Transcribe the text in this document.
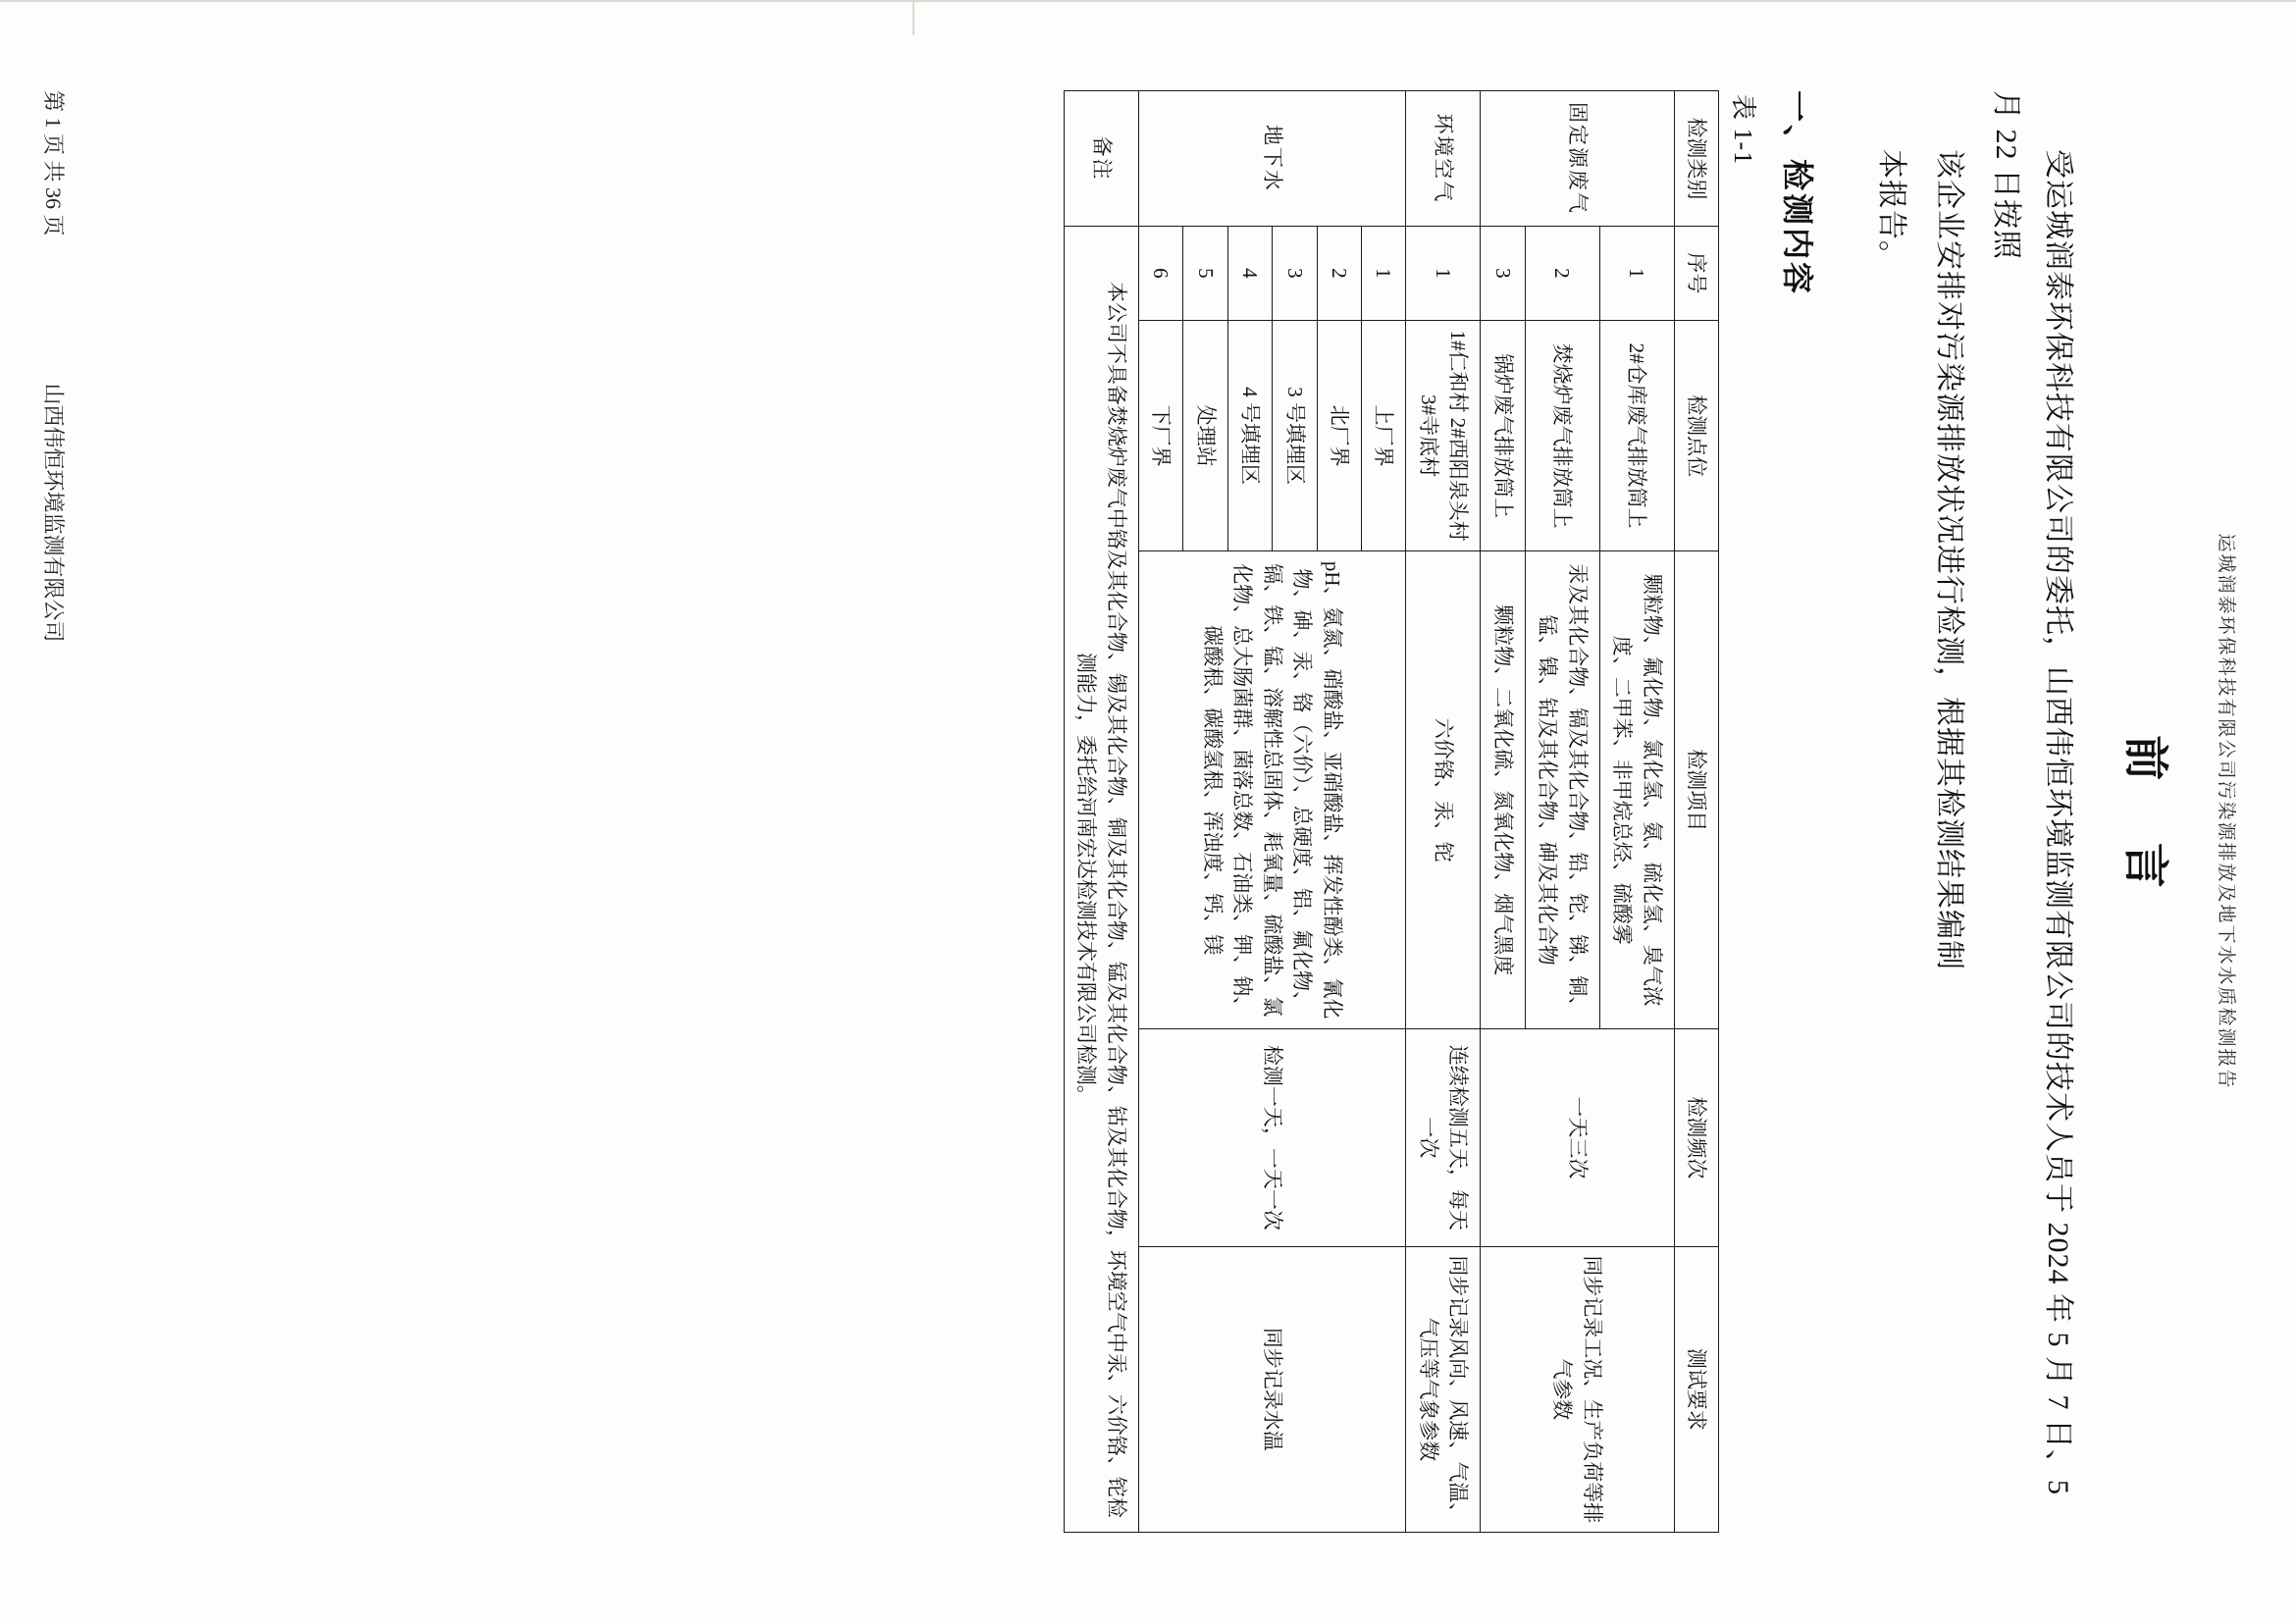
运城润泰环保科技有限公司污染源排放及地下水水质检测报告
前 言

受运城润泰环保科技有限公司的委托，山西伟恒环境监测有限公司的技术人员于 2024 年 5 月 7 日、5 月 22 日按照

该企业安排对污染源排放状况进行检测，根据其检测结果编制

本报告。

一、检测内容
表 1-1
检测类别	序号	检测点位	检测项目	检测频次	测试要求
固定源废气	1	2#仓库废气排放筒上	颗粒物、氟化物、氯化氢、氨、硫化氢、臭气浓度、二甲苯、非甲烷总烃、硫酸雾	一天三次	同步记录工况、生产负荷等排气参数
	2	焚烧炉废气排放筒上	汞及其化合物、镉及其化合物、铅、铊、锑、铜、锰、镍、钴及其化合物、砷及其化合物		
	3	锅炉废气排放筒上	颗粒物、二氧化硫、氮氧化物、烟气黑度		
环境空气	1	1#仁和村 2#西阳泉头村 3#寺底村	六价铬、汞、铊	连续检测五天，每天一次	同步记录风向、风速、气温、气压等气象参数
地下水	1	上厂界	pH、氨氮、硝酸盐、亚硝酸盐、挥发性酚类、氰化物、砷、汞、铬（六价）、总硬度、铝、氟化物、镉、铁、锰、溶解性总固体、耗氧量、硫酸盐、氯化物、总大肠菌群、菌落总数、石油类、钾、钠、碳酸根、碳酸氢根、浑浊度、钙、镁	检测一天，一天一次	同步记录水温
	2	北厂界			
	3	3 号填埋区			
	4	4 号填埋区			
	5	处理站			
	6	下厂界			
备注	本公司不具备焚烧炉废气中铬及其化合物、锡及其化合物、铜及其化合物、锰及其化合物、钴及其化合物，环境空气中汞、六价铬、铊检测能力，委托给河南宏达检测技术有限公司检测。				
第 1 页 共 36 页
山西伟恒环境监测有限公司
